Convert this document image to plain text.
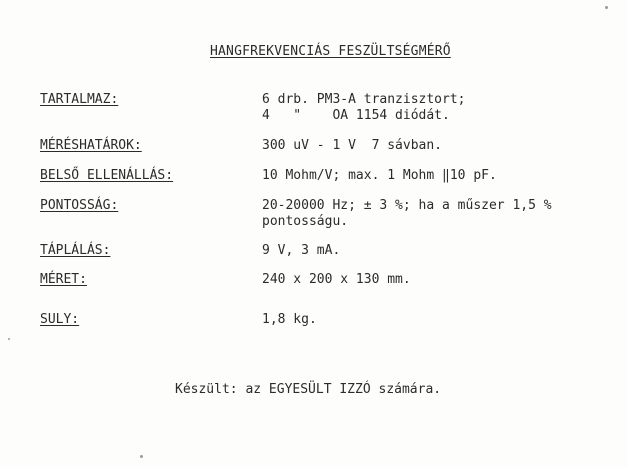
HANGFREKVENCIÁS FESZÜLTSÉGMÉRŐ
TARTALMAZ:	6 drb. PM3-A tranzisztort;
4   "    OA 1154 diódát.
MÉRÉSHATÁROK:	300 uV - 1 V  7 sávban.
BELSŐ ELLENÁLLÁS:	10 Mohm/V; max. 1 Mohm ‖10 pF.
PONTOSSÁG:	20-20000 Hz; ± 3 %; ha a műszer 1,5 %
pontosságu.
TÁPLÁLÁS:	9 V, 3 mA.
MÉRET:	240 x 200 x 130 mm.
SULY:	1,8 kg.
Készült: az EGYESÜLT IZZÓ számára.
